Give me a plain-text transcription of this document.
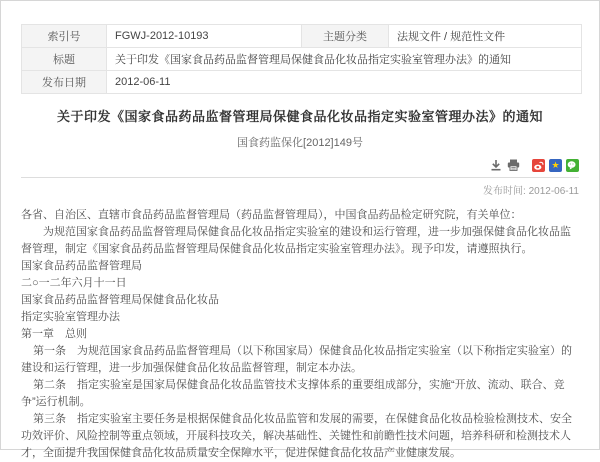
索引号	FGWJ-2012-10193	主题分类	法规文件 / 规范性文件
标题	关于印发《国家食品药品监督管理局保健食品化妆品指定实验室管理办法》的通知		
发布日期	2012-06-11		
关于印发《国家食品药品监督管理局保健食品化妆品指定实验室管理办法》的通知
国食药监保化[2012]149号
★
发布时间: 2012-06-11

各省、自治区、直辖市食品药品监督管理局（药品监督管理局），中国食品药品检定研究院，有关单位：

为规范国家食品药品监督管理局保健食品化妆品指定实验室的建设和运行管理，进一步加强保健食品化妆品监督管理，制定《国家食品药品监督管理局保健食品化妆品指定实验室管理办法》。现予印发，请遵照执行。

国家食品药品监督管理局

二○一二年六月十一日

国家食品药品监督管理局保健食品化妆品

指定实验室管理办法

第一章　总则

第一条　为规范国家食品药品监督管理局（以下称国家局）保健食品化妆品指定实验室（以下称指定实验室）的建设和运行管理，进一步加强保健食品化妆品监督管理，制定本办法。

第二条　指定实验室是国家局保健食品化妆品监管技术支撑体系的重要组成部分，实施“开放、流动、联合、竞争”运行机制。

第三条　指定实验室主要任务是根据保健食品化妆品监管和发展的需要，在保健食品化妆品检验检测技术、安全功效评价、风险控制等重点领域，开展科技攻关，解决基础性、关键性和前瞻性技术问题，培养科研和检测技术人才，全面提升我国保健食品化妆品质量安全保障水平，促进保健食品化妆品产业健康发展。
